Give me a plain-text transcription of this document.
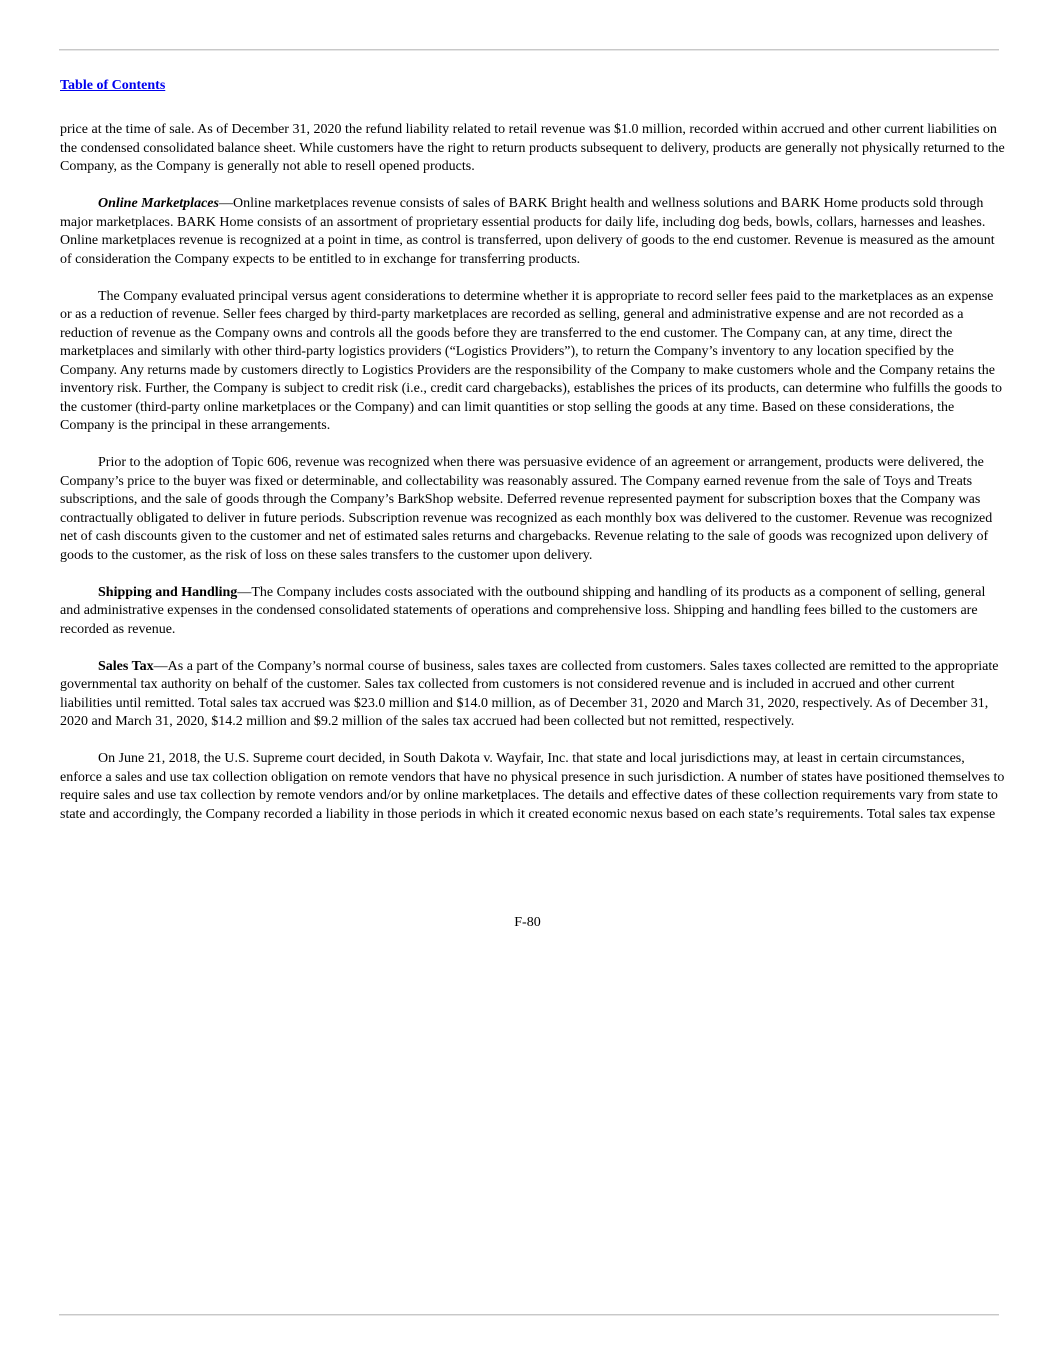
Table of Contents

price at the time of sale. As of December 31, 2020 the refund liability related to retail revenue was $1.0 million, recorded within accrued and other current liabilities on the condensed consolidated balance sheet. While customers have the right to return products subsequent to delivery, products are generally not physically returned to the Company, as the Company is generally not able to resell opened products.

Online Marketplaces—Online marketplaces revenue consists of sales of BARK Bright health and wellness solutions and BARK Home products sold through major marketplaces. BARK Home consists of an assortment of proprietary essential products for daily life, including dog beds, bowls, collars, harnesses and leashes. Online marketplaces revenue is recognized at a point in time, as control is transferred, upon delivery of goods to the end customer. Revenue is measured as the amount of consideration the Company expects to be entitled to in exchange for transferring products.

The Company evaluated principal versus agent considerations to determine whether it is appropriate to record seller fees paid to the marketplaces as an expense or as a reduction of revenue. Seller fees charged by third-party marketplaces are recorded as selling, general and administrative expense and are not recorded as a reduction of revenue as the Company owns and controls all the goods before they are transferred to the end customer. The Company can, at any time, direct the marketplaces and similarly with other third-party logistics providers (“Logistics Providers”), to return the Company’s inventory to any location specified by the Company. Any returns made by customers directly to Logistics Providers are the responsibility of the Company to make customers whole and the Company retains the inventory risk. Further, the Company is subject to credit risk (i.e., credit card chargebacks), establishes the prices of its products, can determine who fulfills the goods to the customer (third-party online marketplaces or the Company) and can limit quantities or stop selling the goods at any time. Based on these considerations, the Company is the principal in these arrangements.

Prior to the adoption of Topic 606, revenue was recognized when there was persuasive evidence of an agreement or arrangement, products were delivered, the Company’s price to the buyer was fixed or determinable, and collectability was reasonably assured. The Company earned revenue from the sale of Toys and Treats subscriptions, and the sale of goods through the Company’s BarkShop website. Deferred revenue represented payment for subscription boxes that the Company was contractually obligated to deliver in future periods. Subscription revenue was recognized as each monthly box was delivered to the customer. Revenue was recognized net of cash discounts given to the customer and net of estimated sales returns and chargebacks. Revenue relating to the sale of goods was recognized upon delivery of goods to the customer, as the risk of loss on these sales transfers to the customer upon delivery.

Shipping and Handling—The Company includes costs associated with the outbound shipping and handling of its products as a component of selling, general and administrative expenses in the condensed consolidated statements of operations and comprehensive loss. Shipping and handling fees billed to the customers are recorded as revenue.

Sales Tax—As a part of the Company’s normal course of business, sales taxes are collected from customers. Sales taxes collected are remitted to the appropriate governmental tax authority on behalf of the customer. Sales tax collected from customers is not considered revenue and is included in accrued and other current liabilities until remitted. Total sales tax accrued was $23.0 million and $14.0 million, as of December 31, 2020 and March 31, 2020, respectively. As of December 31, 2020 and March 31, 2020, $14.2 million and $9.2 million of the sales tax accrued had been collected but not remitted, respectively.

On June 21, 2018, the U.S. Supreme court decided, in South Dakota v. Wayfair, Inc. that state and local jurisdictions may, at least in certain circumstances, enforce a sales and use tax collection obligation on remote vendors that have no physical presence in such jurisdiction. A number of states have positioned themselves to require sales and use tax collection by remote vendors and/or by online marketplaces. The details and effective dates of these collection requirements vary from state to state and accordingly, the Company recorded a liability in those periods in which it created economic nexus based on each state’s requirements. Total sales tax expense

F-80
